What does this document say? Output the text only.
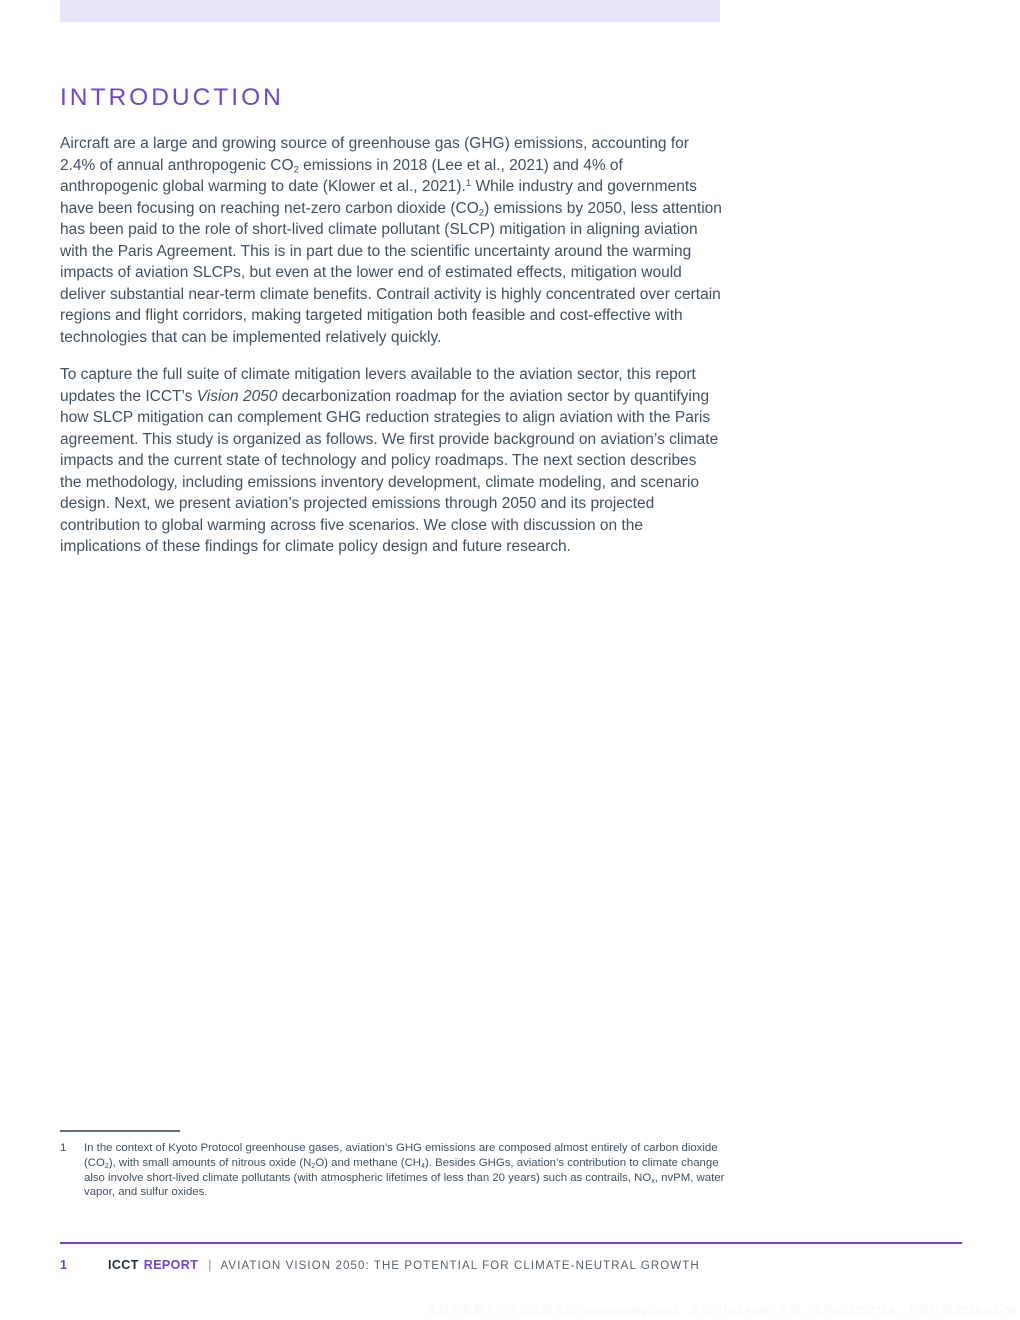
INTRODUCTION

Aircraft are a large and growing source of greenhouse gas (GHG) emissions, accounting for 2.4% of annual anthropogenic $CO_2$ emissions in 2018 (Lee et al., 2021) and 4% of anthropogenic global warming to date (Klower et al., 2021).$^1$ While industry and governments have been focusing on reaching net-zero carbon dioxide $(CO_2)$ emissions by 2050, less attention has been paid to the role of short-lived climate pollutant (SLCP) mitigation in aligning aviation with the Paris Agreement. This is in part due to the scientific uncertainty around the warming impacts of aviation SLCPs, but even at the lower end of estimated effects, mitigation would deliver substantial near-term climate benefits. Contrail activity is highly concentrated over certain regions and flight corridors, making targeted mitigation both feasible and cost-effective with technologies that can be implemented relatively quickly.

To capture the full suite of climate mitigation levers available to the aviation sector, this report updates the ICCT’s Vision 2050 decarbonization roadmap for the aviation sector by quantifying how SLCP mitigation can complement GHG reduction strategies to align aviation with the Paris agreement. This study is organized as follows. We first provide background on aviation’s climate impacts and the current state of technology and policy roadmaps. The next section describes the methodology, including emissions inventory development, climate modeling, and scenario design. Next, we present aviation’s projected emissions through 2050 and its projected contribution to global warming across five scenarios. We close with discussion on the implications of these findings for climate policy design and future research.

1	In the context of Kyoto Protocol greenhouse gases, aviation’s GHG emissions are composed almost entirely of carbon dioxide $(CO_2)$, with small amounts of nitrous oxide $(N_2O)$ and methane $(CH_4)$. Besides GHGs, aviation’s contribution to climate change also involve short-lived climate pollutants (with atmospheric lifetimes of less than 20 years) such as contrails, $NO_x$, nvPM, water vapor, and sulfur oxides.
1	ICCT REPORT | AVIATION VISION 2050: THE POTENTIAL FOR CLIMATE-NEUTRAL GROWTH
本报告来源于三个皮匠报告站 (www.sgpjbg.com)，由用户Id:349467下载，文档Id:1052719，下载日期:2026-01-30
